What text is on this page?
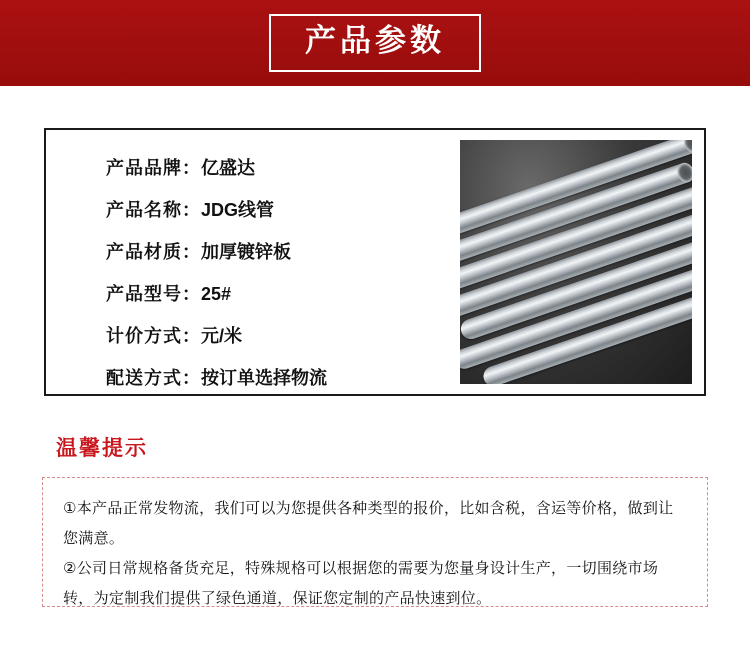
产品参数
产品品牌：亿盛达
产品名称：JDG线管
产品材质：加厚镀锌板
产品型号：25#
计价方式：元/米
配送方式：按订单选择物流
温馨提示

①本产品正常发物流，我们可以为您提供各种类型的报价，比如含税，含运等价格，做到让您满意。

②公司日常规格备货充足，特殊规格可以根据您的需要为您量身设计生产，一切围绕市场转，为定制我们提供了绿色通道，保证您定制的产品快速到位。
